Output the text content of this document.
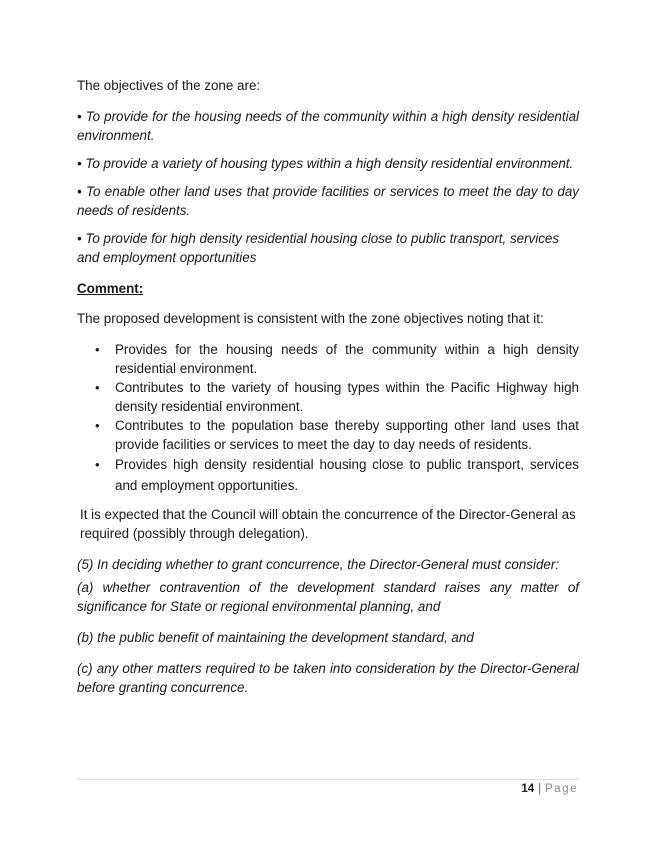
The objectives of the zone are:

• To provide for the housing needs of the community within a high density residential environment.

• To provide a variety of housing types within a high density residential environment.

• To enable other land uses that provide facilities or services to meet the day to day needs of residents.

• To provide for high density residential housing close to public transport, services and employment opportunities

Comment:

The proposed development is consistent with the zone objectives noting that it:

• Provides for the housing needs of the community within a high density residential environment.
• Contributes to the variety of housing types within the Pacific Highway high density residential environment.
• Contributes to the population base thereby supporting other land uses that provide facilities or services to meet the day to day needs of residents.
• Provides high density residential housing close to public transport, services and employment opportunities.

It is expected that the Council will obtain the concurrence of the Director-General as required (possibly through delegation).

(5) In deciding whether to grant concurrence, the Director-General must consider:

(a) whether contravention of the development standard raises any matter of significance for State or regional environmental planning, and

(b) the public benefit of maintaining the development standard, and

(c) any other matters required to be taken into consideration by the Director-General before granting concurrence.

14 | Page
